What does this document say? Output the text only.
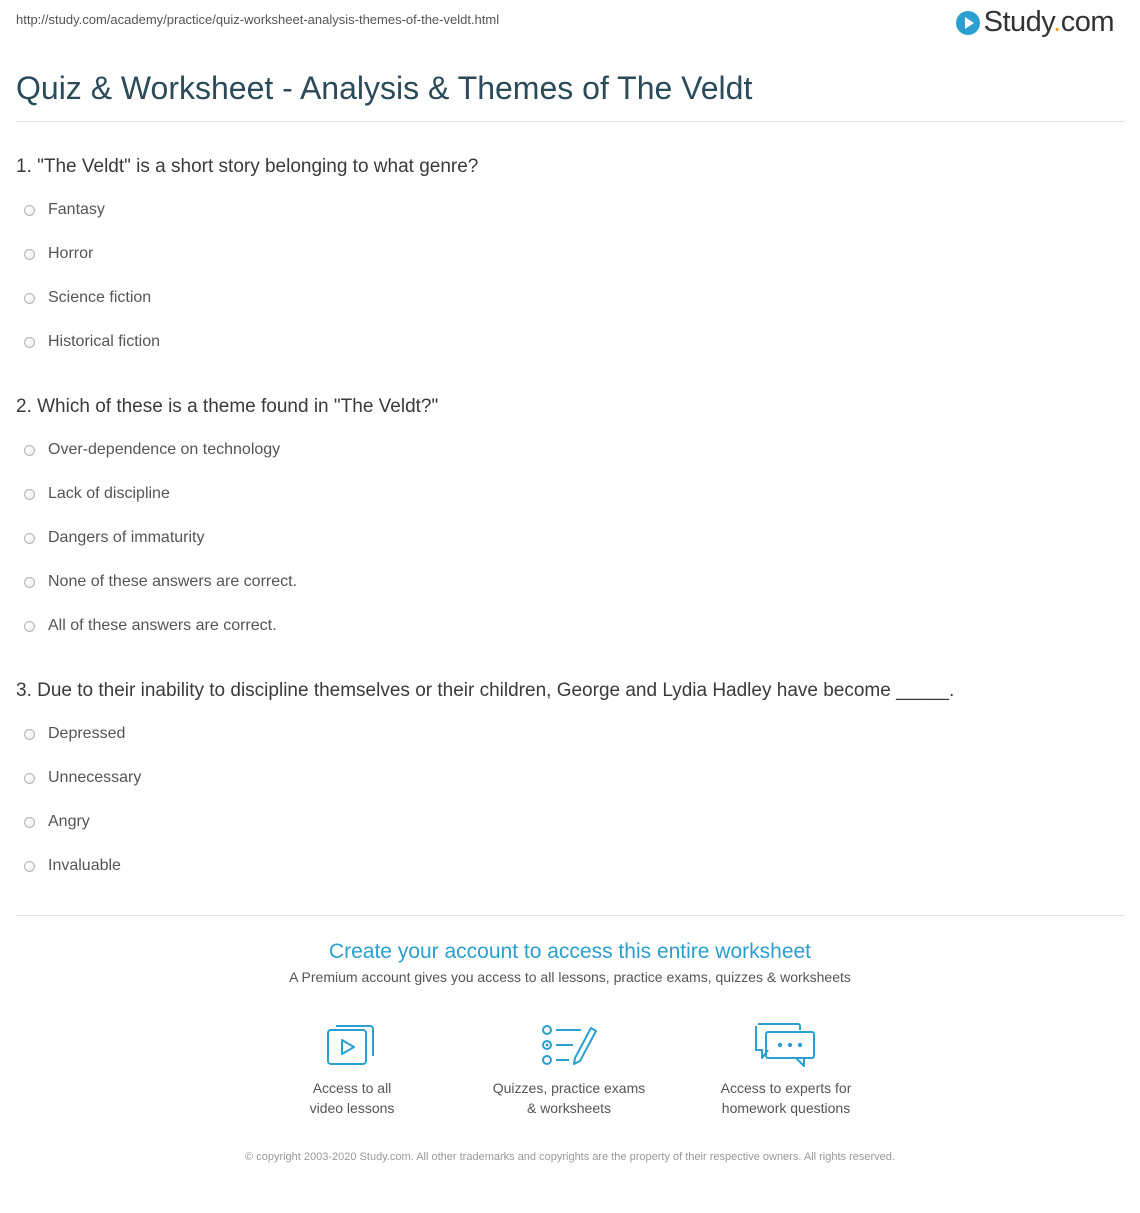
http://study.com/academy/practice/quiz-worksheet-analysis-themes-of-the-veldt.html	Study.com
Quiz & Worksheet - Analysis & Themes of The Veldt
1. "The Veldt" is a short story belonging to what genre?
Fantasy
Horror
Science fiction
Historical fiction
2. Which of these is a theme found in "The Veldt?"
Over-dependence on technology
Lack of discipline
Dangers of immaturity
None of these answers are correct.
All of these answers are correct.
3. Due to their inability to discipline themselves or their children, George and Lydia Hadley have become _____.
Depressed
Unnecessary
Angry
Invaluable
Create your account to access this entire worksheet
A Premium account gives you access to all lessons, practice exams, quizzes & worksheets
Access to all
video lessons
Quizzes, practice exams
& worksheets
Access to experts for
homework questions
© copyright 2003-2020 Study.com. All other trademarks and copyrights are the property of their respective owners. All rights reserved.
